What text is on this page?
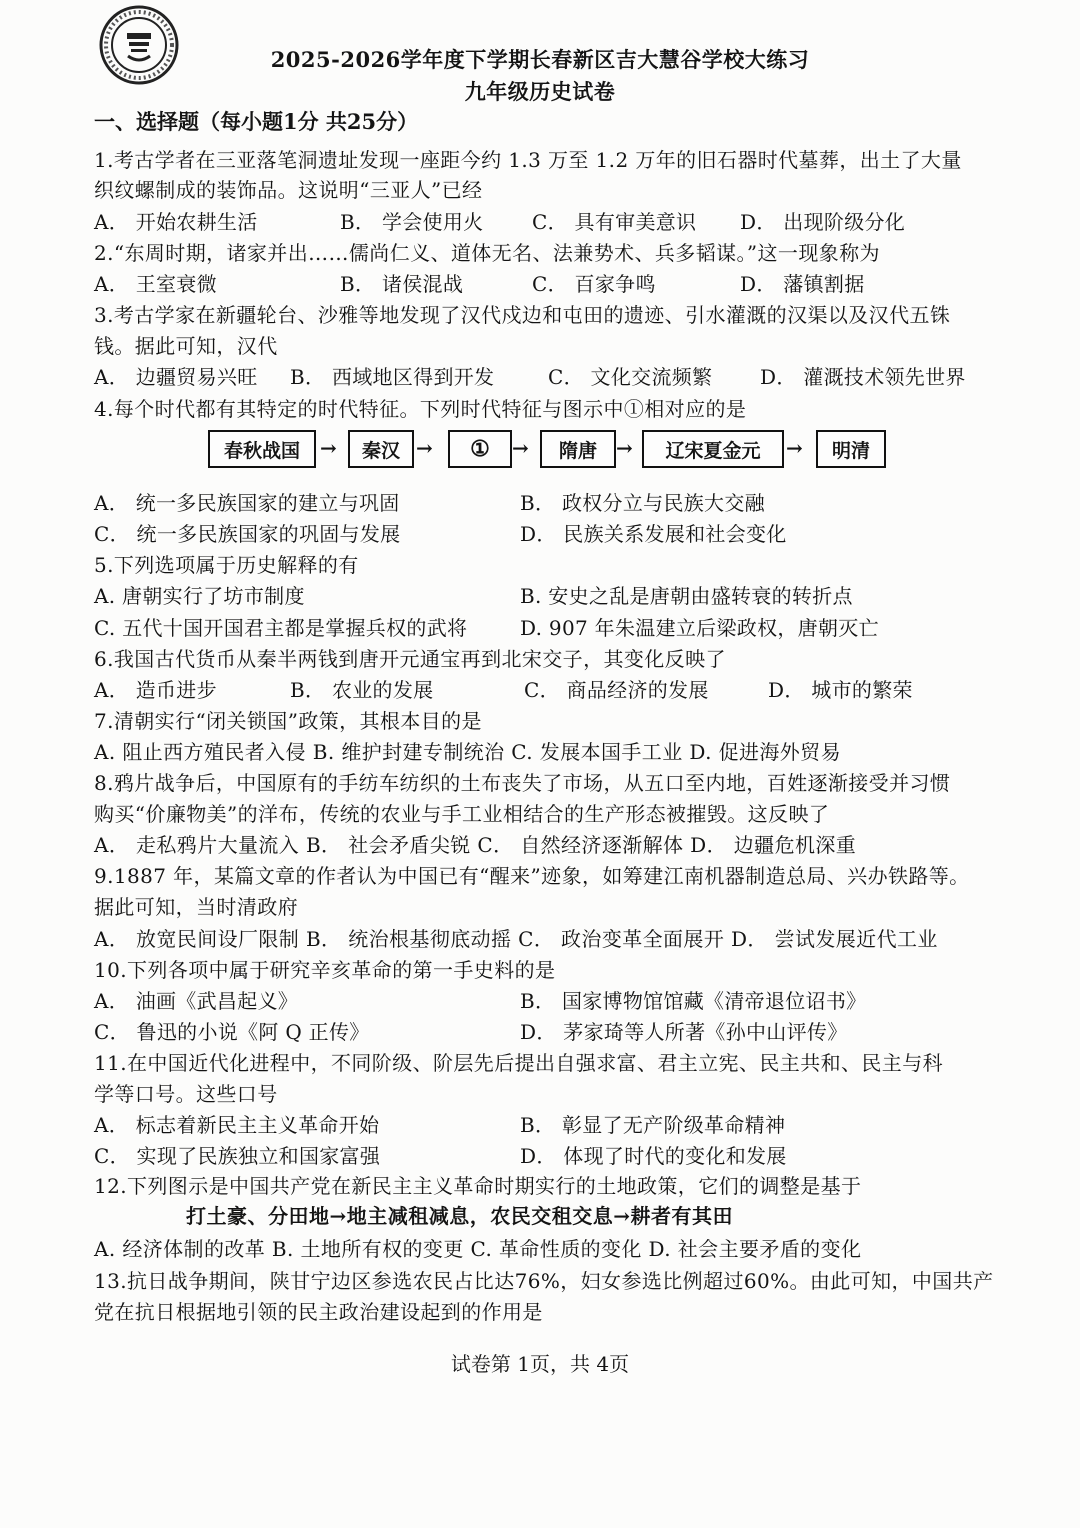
2025-2026学年度下学期长春新区吉大慧谷学校大练习
九年级历史试卷
一、选择题（每小题1分 共25分）
1.考古学者在三亚落笔洞遗址发现一座距今约 1.3 万至 1.2 万年的旧石器时代墓葬，出土了大量
织纹螺制成的装饰品。这说明“三亚人”已经
A． 开始农耕生活	B． 学会使用火 C． 具有审美意识 D． 出现阶级分化
2.“东周时期，诸家并出……儒尚仁义、道体无名、法兼势术、兵多韬谋。”这一现象称为
A． 王室衰微	B． 诸侯混战	C． 百家争鸣	D． 藩镇割据
3.考古学家在新疆轮台、沙雅等地发现了汉代戍边和屯田的遗迹、引水灌溉的汉渠以及汉代五铢
钱。据此可知，汉代
A． 边疆贸易兴旺 B． 西域地区得到开发	C． 文化交流频繁 D． 灌溉技术领先世界
4.每个时代都有其特定的时代特征。下列时代特征与图示中①相对应的是
春秋战国	→	秦汉 →	①	→	隋唐 →	辽宋夏金元	→	明清
A． 统一多民族国家的建立与巩固	B． 政权分立与民族大交融
C． 统一多民族国家的巩固与发展	D． 民族关系发展和社会变化
5.下列选项属于历史解释的有
A. 唐朝实行了坊市制度	B. 安史之乱是唐朝由盛转衰的转折点
C. 五代十国开国君主都是掌握兵权的武将	D. 907 年朱温建立后梁政权，唐朝灭亡
6.我国古代货币从秦半两钱到唐开元通宝再到北宋交子，其变化反映了
A． 造币进步	B． 农业的发展	C． 商品经济的发展	D． 城市的繁荣
7.清朝实行“闭关锁国”政策，其根本目的是
A. 阻止西方殖民者入侵 B. 维护封建专制统治 C. 发展本国手工业 D. 促进海外贸易
8.鸦片战争后，中国原有的手纺车纺织的土布丧失了市场，从五口至内地，百姓逐渐接受并习惯
购买“价廉物美”的洋布，传统的农业与手工业相结合的生产形态被摧毁。这反映了
A． 走私鸦片大量流入 B． 社会矛盾尖锐 C． 自然经济逐渐解体 D． 边疆危机深重
9.1887 年，某篇文章的作者认为中国已有“醒来”迹象，如筹建江南机器制造总局、兴办铁路等。
据此可知，当时清政府
A． 放宽民间设厂限制 B． 统治根基彻底动摇 C． 政治变革全面展开 D． 尝试发展近代工业
10.下列各项中属于研究辛亥革命的第一手史料的是
A． 油画《武昌起义》	B． 国家博物馆馆藏《清帝退位诏书》
C． 鲁迅的小说《阿 Q 正传》	D． 茅家琦等人所著《孙中山评传》
11.在中国近代化进程中，不同阶级、阶层先后提出自强求富、君主立宪、民主共和、民主与科
学等口号。这些口号
A． 标志着新民主主义革命开始	B． 彰显了无产阶级革命精神
C． 实现了民族独立和国家富强	D． 体现了时代的变化和发展
12.下列图示是中国共产党在新民主主义革命时期实行的土地政策，它们的调整是基于
打土豪、分田地→地主减租减息，农民交租交息→耕者有其田
A. 经济体制的改革 B. 土地所有权的变更 C. 革命性质的变化 D. 社会主要矛盾的变化
13.抗日战争期间，陕甘宁边区参选农民占比达76%，妇女参选比例超过60%。由此可知，中国共产
党在抗日根据地引领的民主政治建设起到的作用是
试卷第 1页，共 4页
